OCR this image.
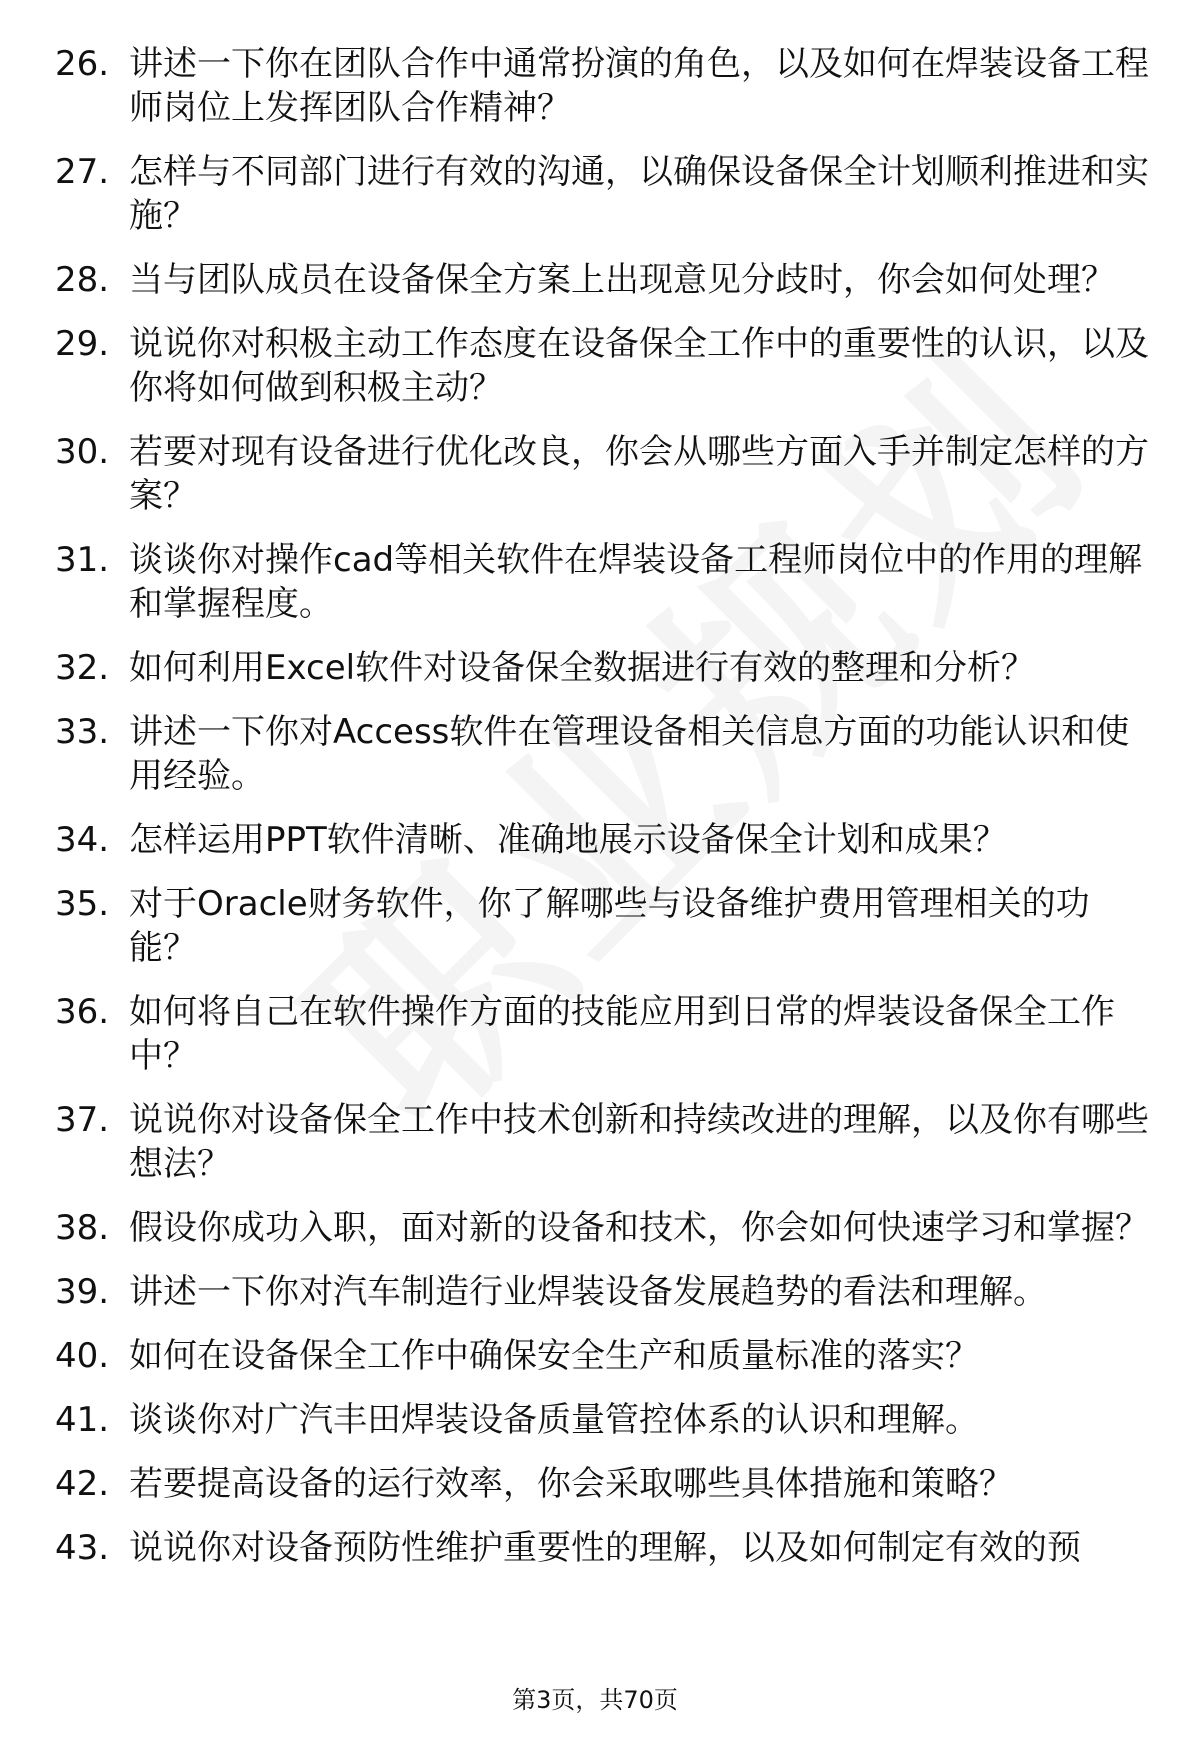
26. 讲述一下你在团队合作中通常扮演的角色，以及如何在焊装设备工程师岗位上发挥团队合作精神？
27. 怎样与不同部门进行有效的沟通，以确保设备保全计划顺利推进和实施？
28. 当与团队成员在设备保全方案上出现意见分歧时，你会如何处理？
29. 说说你对积极主动工作态度在设备保全工作中的重要性的认识，以及你将如何做到积极主动？
30. 若要对现有设备进行优化改良，你会从哪些方面入手并制定怎样的方案？
31. 谈谈你对操作cad等相关软件在焊装设备工程师岗位中的作用的理解和掌握程度。
32. 如何利用Excel软件对设备保全数据进行有效的整理和分析？
33. 讲述一下你对Access软件在管理设备相关信息方面的功能认识和使用经验。
34. 怎样运用PPT软件清晰、准确地展示设备保全计划和成果？
35. 对于Oracle财务软件，你了解哪些与设备维护费用管理相关的功能？
36. 如何将自己在软件操作方面的技能应用到日常的焊装设备保全工作中？
37. 说说你对设备保全工作中技术创新和持续改进的理解，以及你有哪些想法？
38. 假设你成功入职，面对新的设备和技术，你会如何快速学习和掌握？
39. 讲述一下你对汽车制造行业焊装设备发展趋势的看法和理解。
40. 如何在设备保全工作中确保安全生产和质量标准的落实？
41. 谈谈你对广汽丰田焊装设备质量管控体系的认识和理解。
42. 若要提高设备的运行效率，你会采取哪些具体措施和策略？
43. 说说你对设备预防性维护重要性的理解，以及如何制定有效的预
第3页，共70页
